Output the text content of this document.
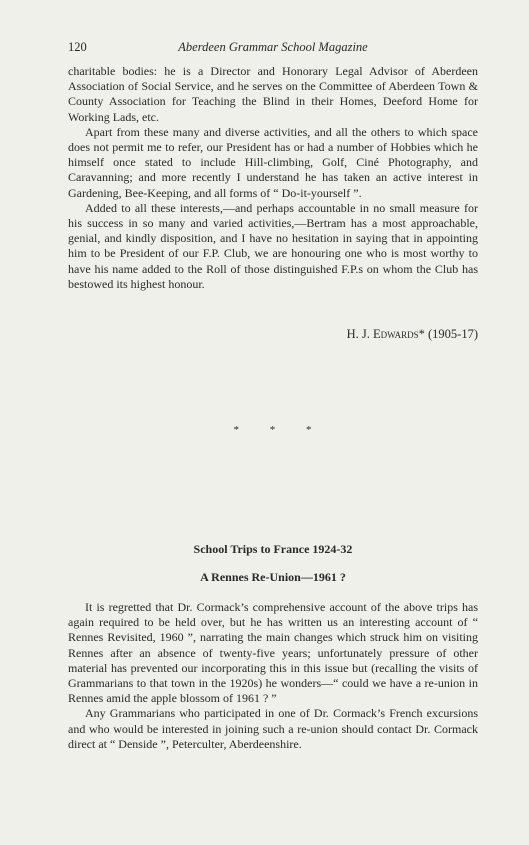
120	Aberdeen Grammar School Magazine

charitable bodies: he is a Director and Honorary Legal Advisor of Aberdeen Association of Social Service, and he serves on the Committee of Aberdeen Town & County Association for Teaching the Blind in their Homes, Deeford Home for Working Lads, etc.

Apart from these many and diverse activities, and all the others to which space does not permit me to refer, our President has or had a number of Hobbies which he himself once stated to include Hill-climbing, Golf, Ciné Photography, and Caravanning; and more recently I understand he has taken an active interest in Gardening, Bee-Keeping, and all forms of “ Do-it-yourself ”.

Added to all these interests,—and perhaps accountable in no small measure for his success in so many and varied activities,—Bertram has a most approachable, genial, and kindly disposition, and I have no hesitation in saying that in appointing him to be President of our F.P. Club, we are honouring one who is most worthy to have his name added to the Roll of those distinguished F.P.s on whom the Club has bestowed its highest honour.

H. J. Edwards* (1905-17)
* * *
School Trips to France 1924-32
A Rennes Re-Union—1961 ?

It is regretted that Dr. Cormack’s comprehensive account of the above trips has again required to be held over, but he has written us an interesting account of “ Rennes Revisited, 1960 ”, narrating the main changes which struck him on visiting Rennes after an absence of twenty-five years; unfortunately pressure of other material has prevented our incorporating this in this issue but (recalling the visits of Grammarians to that town in the 1920s) he wonders—“ could we have a re-union in Rennes amid the apple blossom of 1961 ? ”

Any Grammarians who participated in one of Dr. Cormack’s French excursions and who would be interested in joining such a re-union should contact Dr. Cormack direct at “ Denside ”, Peterculter, Aberdeenshire.
